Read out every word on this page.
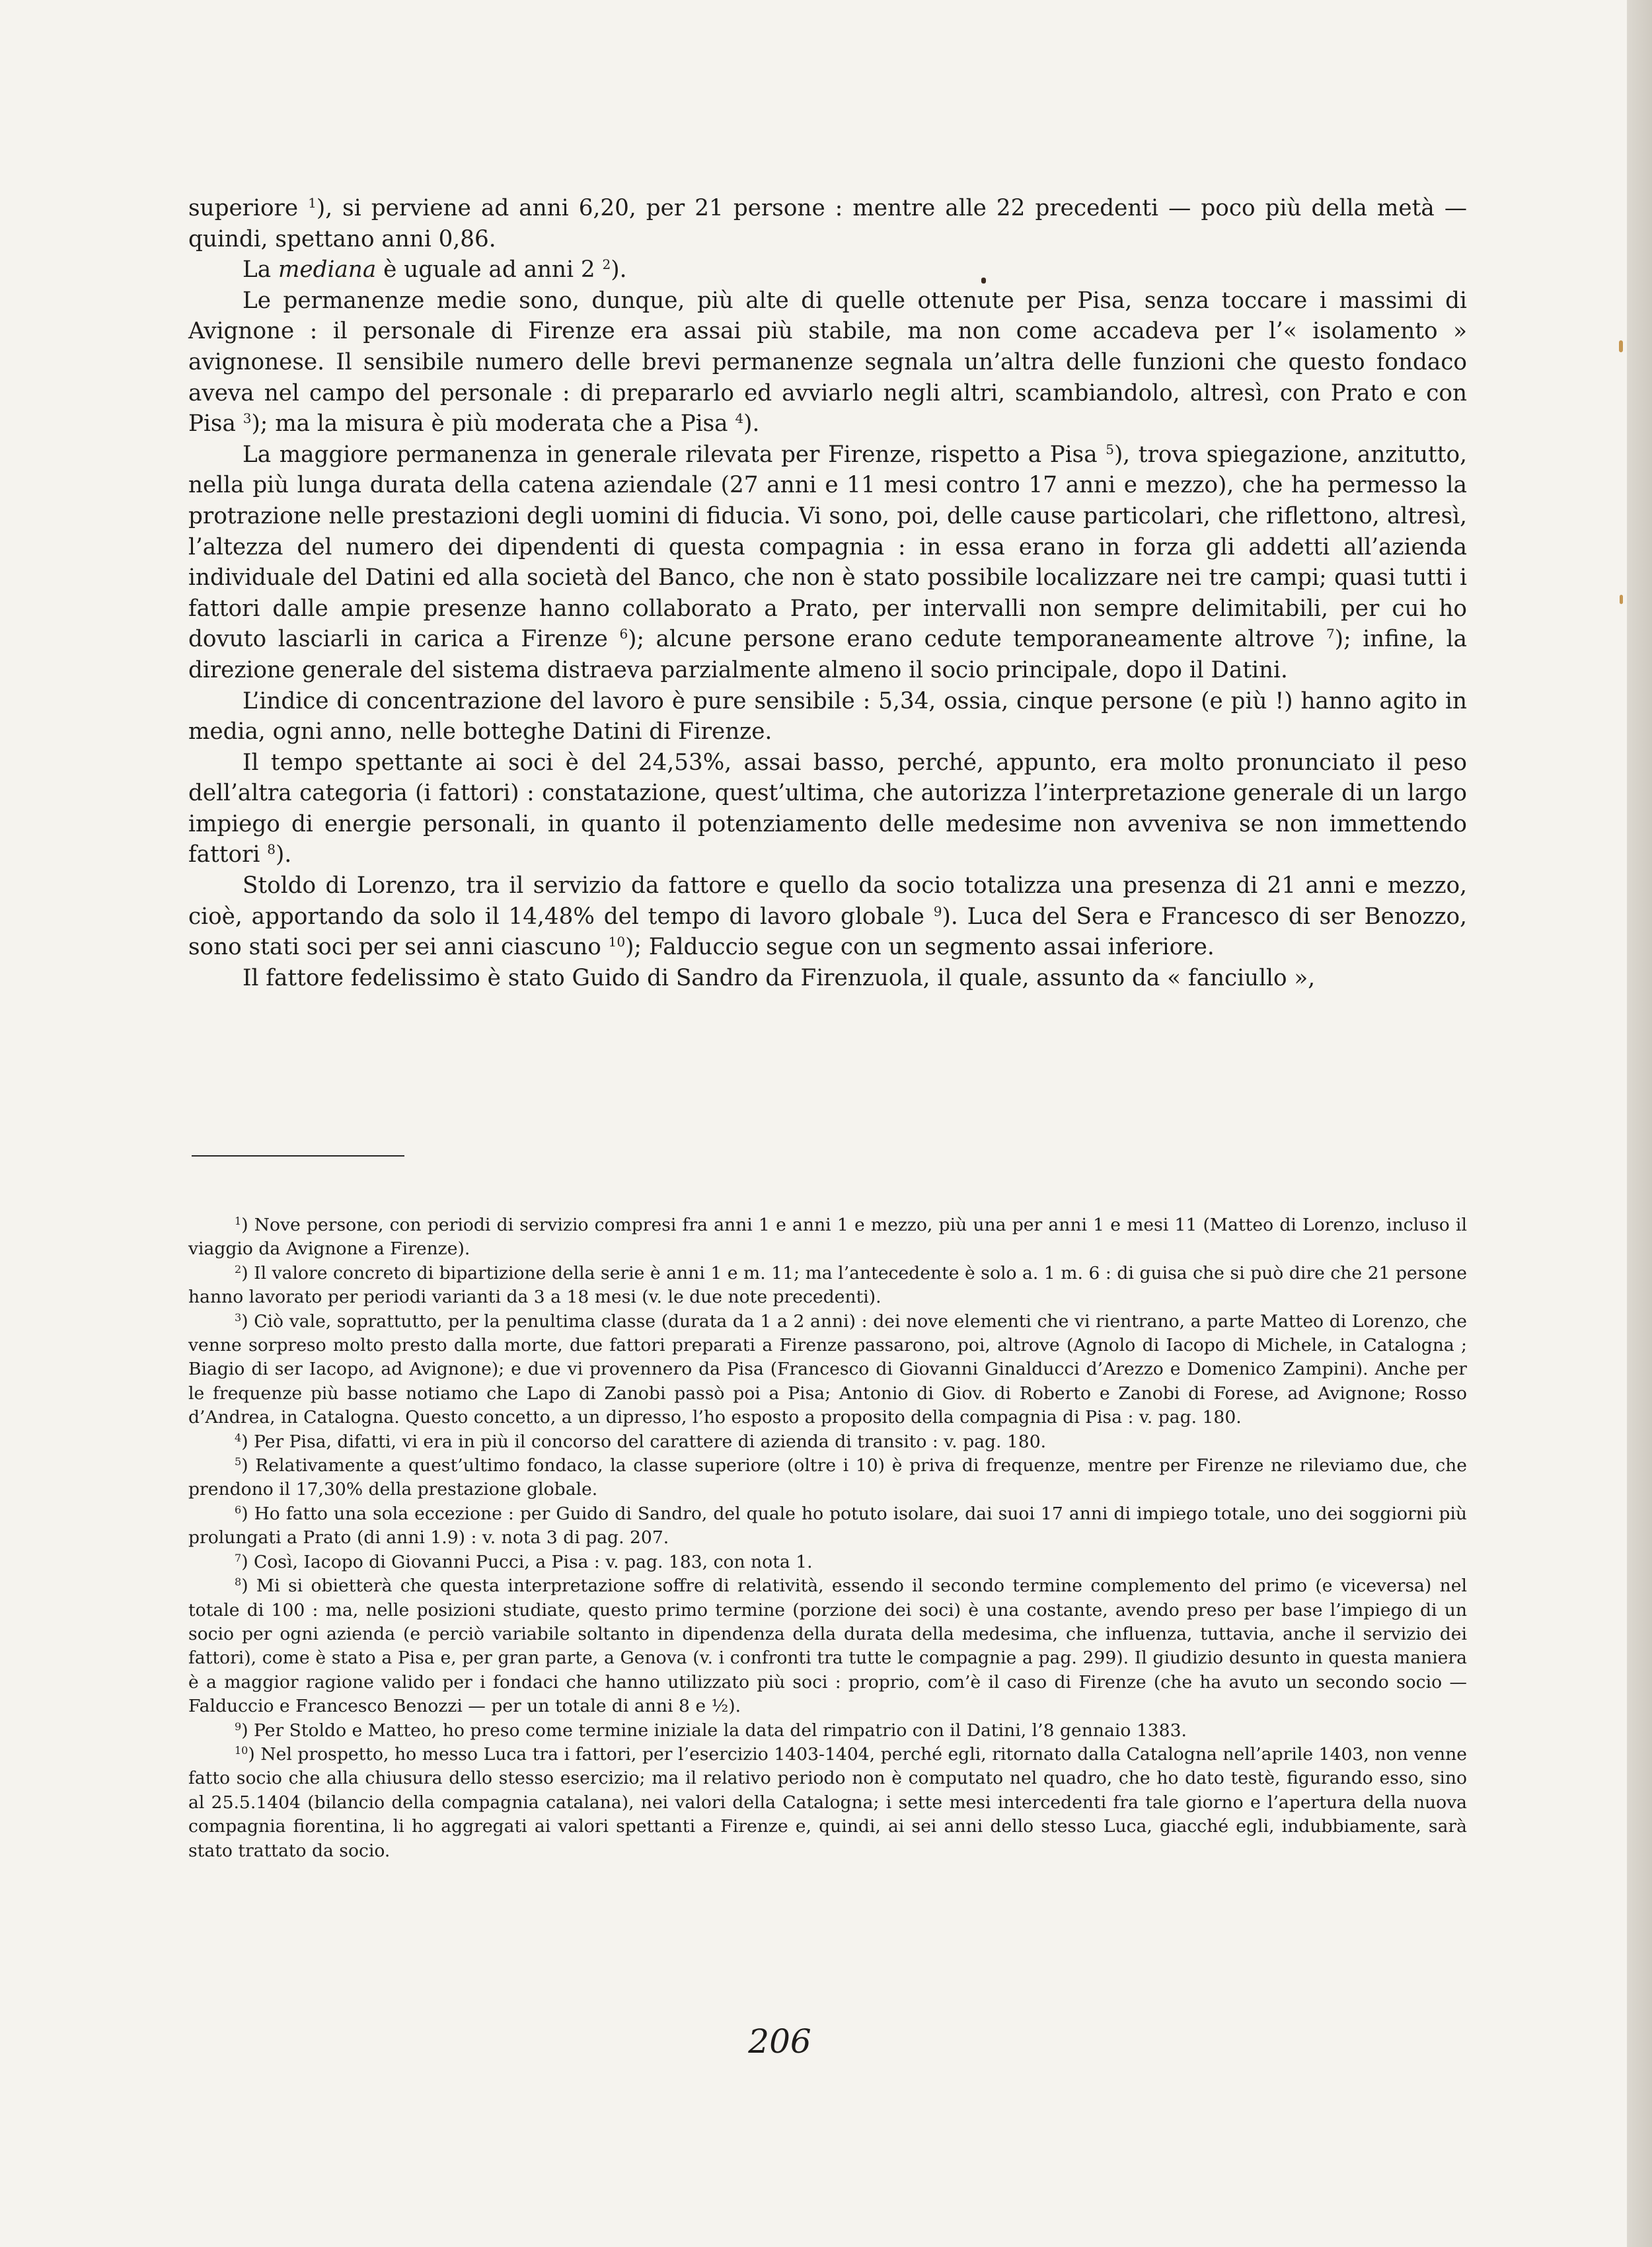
superiore $^1$), si perviene ad anni 6,20, per 21 persone : mentre alle 22 precedenti — poco più della metà — quindi, spettano anni 0,86.

La mediana è uguale ad anni 2 $^2$).

Le permanenze medie sono, dunque, più alte di quelle ottenute per Pisa, senza toccare i massimi di Avignone : il personale di Firenze era assai più stabile, ma non come accadeva per l’« isolamento » avignonese. Il sensibile numero delle brevi permanenze segnala un’altra delle funzioni che questo fondaco aveva nel campo del personale : di prepararlo ed avviarlo negli altri, scambiandolo, altresì, con Prato e con Pisa $^3$); ma la misura è più moderata che a Pisa $^4$).

La maggiore permanenza in generale rilevata per Firenze, rispetto a Pisa $^5$), trova spiegazione, anzitutto, nella più lunga durata della catena aziendale (27 anni e 11 mesi contro 17 anni e mezzo), che ha permesso la protrazione nelle prestazioni degli uomini di fiducia. Vi sono, poi, delle cause particolari, che riflettono, altresì, l’altezza del numero dei dipendenti di questa compagnia : in essa erano in forza gli addetti all’azienda individuale del Datini ed alla società del Banco, che non è stato possibile localizzare nei tre campi; quasi tutti i fattori dalle ampie presenze hanno collaborato a Prato, per intervalli non sempre delimitabili, per cui ho dovuto lasciarli in carica a Firenze $^6$); alcune persone erano cedute temporaneamente altrove $^7$); infine, la direzione generale del sistema distraeva parzialmente almeno il socio principale, dopo il Datini.

L’indice di concentrazione del lavoro è pure sensibile : 5,34, ossia, cinque persone (e più !) hanno agito in media, ogni anno, nelle botteghe Datini di Firenze.

Il tempo spettante ai soci è del 24,53%, assai basso, perché, appunto, era molto pronunciato il peso dell’altra categoria (i fattori) : constatazione, quest’ultima, che autorizza l’interpretazione generale di un largo impiego di energie personali, in quanto il potenziamento delle medesime non avveniva se non immettendo fattori $^8$).

Stoldo di Lorenzo, tra il servizio da fattore e quello da socio totalizza una presenza di 21 anni e mezzo, cioè, apportando da solo il 14,48% del tempo di lavoro globale $^9$). Luca del Sera e Francesco di ser Benozzo, sono stati soci per sei anni ciascuno $^{10}$); Falduccio segue con un segmento assai inferiore.

Il fattore fedelissimo è stato Guido di Sandro da Firenzuola, il quale, assunto da « fanciullo »,

$^1$) Nove persone, con periodi di servizio compresi fra anni 1 e anni 1 e mezzo, più una per anni 1 e mesi 11 (Matteo di Lorenzo, incluso il viaggio da Avignone a Firenze).

$^2$) Il valore concreto di bipartizione della serie è anni 1 e m. 11; ma l’antecedente è solo a. 1 m. 6 : di guisa che si può dire che 21 persone hanno lavorato per periodi varianti da 3 a 18 mesi (v. le due note precedenti).

$^3$) Ciò vale, soprattutto, per la penultima classe (durata da 1 a 2 anni) : dei nove elementi che vi rientrano, a parte Matteo di Lorenzo, che venne sorpreso molto presto dalla morte, due fattori preparati a Firenze passarono, poi, altrove (Agnolo di Iacopo di Michele, in Catalogna ; Biagio di ser Iacopo, ad Avignone); e due vi provennero da Pisa (Francesco di Giovanni Ginalducci d’Arezzo e Domenico Zampini). Anche per le frequenze più basse notiamo che Lapo di Zanobi passò poi a Pisa; Antonio di Giov. di Roberto e Zanobi di Forese, ad Avignone; Rosso d’Andrea, in Catalogna. Questo concetto, a un dipresso, l’ho esposto a proposito della compagnia di Pisa : v. pag. 180.

$^4$) Per Pisa, difatti, vi era in più il concorso del carattere di azienda di transito : v. pag. 180.

$^5$) Relativamente a quest’ultimo fondaco, la classe superiore (oltre i 10) è priva di frequenze, mentre per Firenze ne rileviamo due, che prendono il 17,30% della prestazione globale.

$^6$) Ho fatto una sola eccezione : per Guido di Sandro, del quale ho potuto isolare, dai suoi 17 anni di impiego totale, uno dei soggiorni più prolungati a Prato (di anni 1.9) : v. nota 3 di pag. 207.

$^7$) Così, Iacopo di Giovanni Pucci, a Pisa : v. pag. 183, con nota 1.

$^8$) Mi si obietterà che questa interpretazione soffre di relatività, essendo il secondo termine complemento del primo (e viceversa) nel totale di 100 : ma, nelle posizioni studiate, questo primo termine (porzione dei soci) è una costante, avendo preso per base l’impiego di un socio per ogni azienda (e perciò variabile soltanto in dipendenza della durata della medesima, che influenza, tuttavia, anche il servizio dei fattori), come è stato a Pisa e, per gran parte, a Genova (v. i confronti tra tutte le compagnie a pag. 299). Il giudizio desunto in questa maniera è a maggior ragione valido per i fondaci che hanno utilizzato più soci : proprio, com’è il caso di Firenze (che ha avuto un secondo socio — Falduccio e Francesco Benozzi — per un totale di anni 8 e ½).

$^9$) Per Stoldo e Matteo, ho preso come termine iniziale la data del rimpatrio con il Datini, l’8 gennaio 1383.

$^{10}$) Nel prospetto, ho messo Luca tra i fattori, per l’esercizio 1403-1404, perché egli, ritornato dalla Catalogna nell’aprile 1403, non venne fatto socio che alla chiusura dello stesso esercizio; ma il relativo periodo non è computato nel quadro, che ho dato testè, figurando esso, sino al 25.5.1404 (bilancio della compagnia catalana), nei valori della Catalogna; i sette mesi intercedenti fra tale giorno e l’apertura della nuova compagnia fiorentina, li ho aggregati ai valori spettanti a Firenze e, quindi, ai sei anni dello stesso Luca, giacché egli, indubbiamente, sarà stato trattato da socio.

206
